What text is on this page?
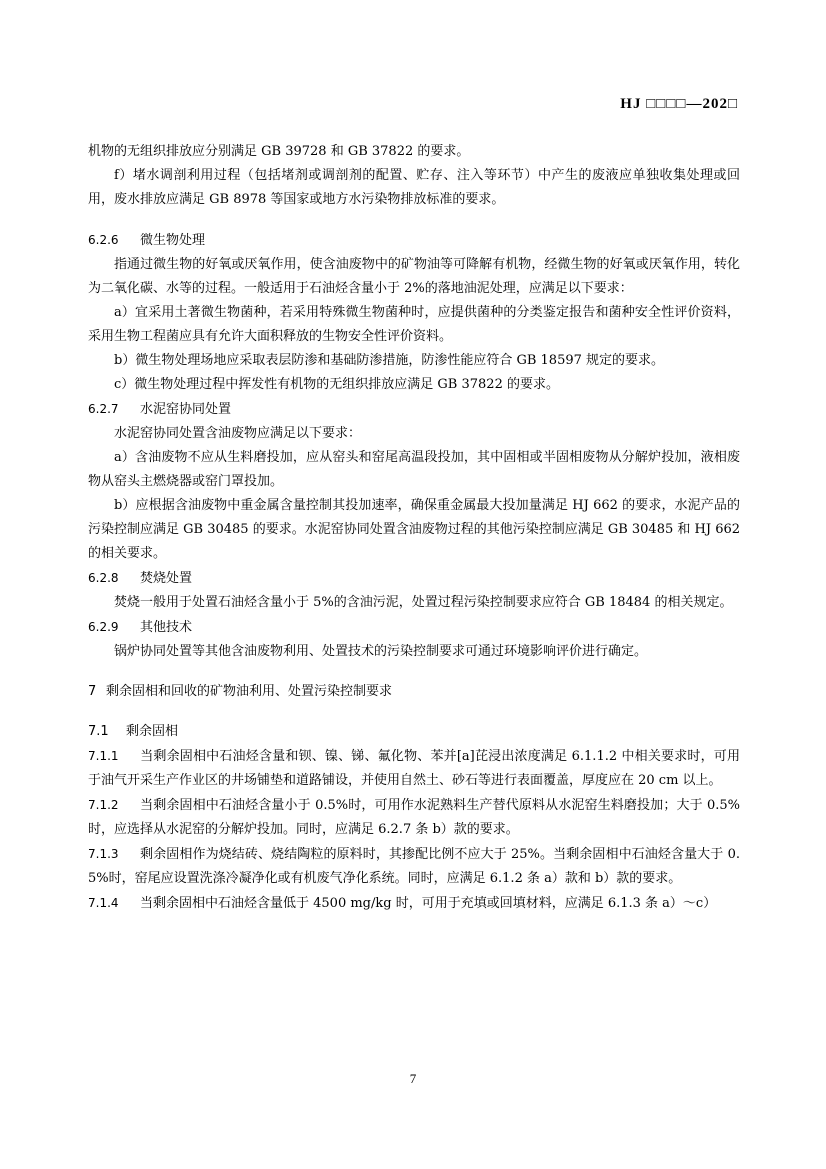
HJ □□□□—202□

机物的无组织排放应分别满足 GB 39728 和 GB 37822 的要求。

f）堵水调剖利用过程（包括堵剂或调剖剂的配置、贮存、注入等环节）中产生的废液应单独收集处理或回用，废水排放应满足 GB 8978 等国家或地方水污染物排放标准的要求。

6.2.6 微生物处理

指通过微生物的好氧或厌氧作用，使含油废物中的矿物油等可降解有机物，经微生物的好氧或厌氧作用，转化为二氧化碳、水等的过程。一般适用于石油烃含量小于 2%的落地油泥处理，应满足以下要求：

a）宜采用土著微生物菌种，若采用特殊微生物菌种时，应提供菌种的分类鉴定报告和菌种安全性评价资料，采用生物工程菌应具有允许大面积释放的生物安全性评价资料。

b）微生物处理场地应采取表层防渗和基础防渗措施，防渗性能应符合 GB 18597 规定的要求。

c）微生物处理过程中挥发性有机物的无组织排放应满足 GB 37822 的要求。

6.2.7 水泥窑协同处置

水泥窑协同处置含油废物应满足以下要求：

a）含油废物不应从生料磨投加，应从窑头和窑尾高温段投加，其中固相或半固相废物从分解炉投加，液相废物从窑头主燃烧器或窑门罩投加。

b）应根据含油废物中重金属含量控制其投加速率，确保重金属最大投加量满足 HJ 662 的要求，水泥产品的污染控制应满足 GB 30485 的要求。水泥窑协同处置含油废物过程的其他污染控制应满足 GB 30485 和 HJ 662 的相关要求。

6.2.8 焚烧处置

焚烧一般用于处置石油烃含量小于 5%的含油污泥，处置过程污染控制要求应符合 GB 18484 的相关规定。

6.2.9 其他技术

锅炉协同处置等其他含油废物利用、处置技术的污染控制要求可通过环境影响评价进行确定。

7 剩余固相和回收的矿物油利用、处置污染控制要求

7.1 剩余固相

7.1.1 当剩余固相中石油烃含量和钡、镍、锑、氟化物、苯并[a]芘浸出浓度满足 6.1.1.2 中相关要求时，可用于油气开采生产作业区的井场铺垫和道路铺设，并使用自然土、砂石等进行表面覆盖，厚度应在 20 cm 以上。

7.1.2 当剩余固相中石油烃含量小于 0.5%时，可用作水泥熟料生产替代原料从水泥窑生料磨投加；大于 0.5%时，应选择从水泥窑的分解炉投加。同时，应满足 6.2.7 条 b）款的要求。

7.1.3 剩余固相作为烧结砖、烧结陶粒的原料时，其掺配比例不应大于 25%。当剩余固相中石油烃含量大于 0.5%时，窑尾应设置洗涤冷凝净化或有机废气净化系统。同时，应满足 6.1.2 条 a）款和 b）款的要求。

7.1.4 当剩余固相中石油烃含量低于 4500 mg/kg 时，可用于充填或回填材料，应满足 6.1.3 条 a）～c）

7
